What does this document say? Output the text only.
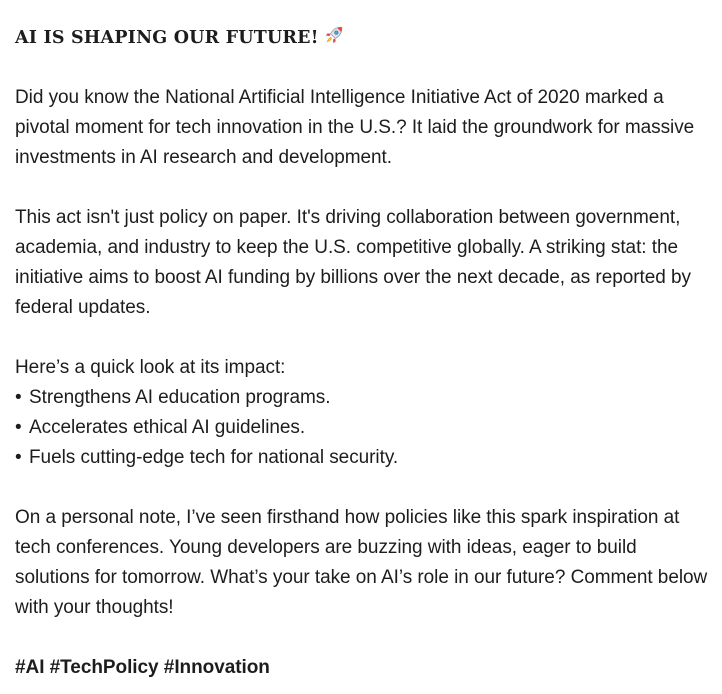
AI IS SHAPING OUR FUTURE!

Did you know the National Artificial Intelligence Initiative Act of 2020 marked a pivotal moment for tech innovation in the U.S.? It laid the groundwork for massive investments in AI research and development.

This act isn't just policy on paper. It's driving collaboration between government, academia, and industry to keep the U.S. competitive globally. A striking stat: the initiative aims to boost AI funding by billions over the next decade, as reported by federal updates.

Here’s a quick look at its impact:
• Strengthens AI education programs.
• Accelerates ethical AI guidelines.
• Fuels cutting-edge tech for national security.

On a personal note, I’ve seen firsthand how policies like this spark inspiration at tech conferences. Young developers are buzzing with ideas, eager to build solutions for tomorrow. What’s your take on AI’s role in our future? Comment below with your thoughts!

#AI #TechPolicy #Innovation
